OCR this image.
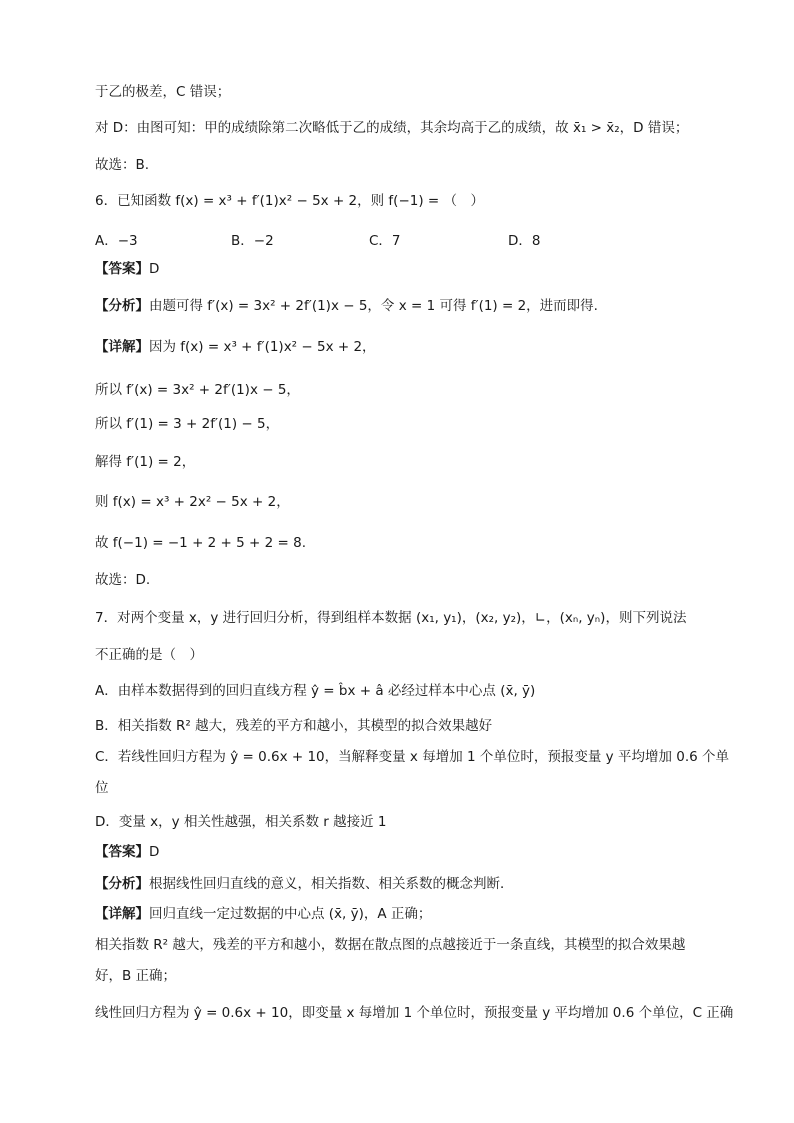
于乙的极差，C 错误；
对 D：由图可知：甲的成绩除第二次略低于乙的成绩，其余均高于乙的成绩，故 x̄₁ > x̄₂，D 错误；
故选：B.
6．已知函数 f(x) = x³ + f′(1)x² − 5x + 2，则 f(−1) = （　）
A．−3	B．−2	C．7	D．8
【答案】D
【分析】由题可得 f′(x) = 3x² + 2f′(1)x − 5，令 x = 1 可得 f′(1) = 2，进而即得.
【详解】因为 f(x) = x³ + f′(1)x² − 5x + 2，
所以 f′(x) = 3x² + 2f′(1)x − 5，
所以 f′(1) = 3 + 2f′(1) − 5，
解得 f′(1) = 2，
则 f(x) = x³ + 2x² − 5x + 2，
故 f(−1) = −1 + 2 + 5 + 2 = 8.
故选：D.
7．对两个变量 x，y 进行回归分析，得到组样本数据 (x₁, y₁)，(x₂, y₂)，∟，(xₙ, yₙ)，则下列说法
不正确的是（　）
A．由样本数据得到的回归直线方程 ŷ = b̂x + â 必经过样本中心点 (x̄, ȳ)
B．相关指数 R² 越大，残差的平方和越小，其模型的拟合效果越好
C．若线性回归方程为 ŷ = 0.6x + 10，当解释变量 x 每增加 1 个单位时，预报变量 y 平均增加 0.6 个单
位
D．变量 x，y 相关性越强，相关系数 r 越接近 1
【答案】D
【分析】根据线性回归直线的意义，相关指数、相关系数的概念判断．
【详解】回归直线一定过数据的中心点 (x̄, ȳ)，A 正确；
相关指数 R² 越大，残差的平方和越小，数据在散点图的点越接近于一条直线，其模型的拟合效果越
好，B 正确；
线性回归方程为 ŷ = 0.6x + 10，即变量 x 每增加 1 个单位时，预报变量 y 平均增加 0.6 个单位，C 正确
